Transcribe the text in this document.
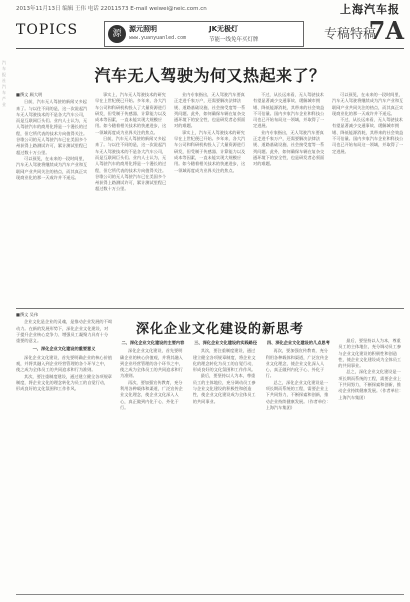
2013年11月13日 编辑 王伟 电话 22011573 E-mail weiwei@neic.com.cn	上海汽车报
TOPICS	源	源元照明
www.yuanyuanled.com
JK无极灯
节能一线免年买灯牌	专稿特稿
7A
汽
车
报
社
汽
车
产
业
汽车无人驾驶为何又热起来了？
■撰文 顾大明

日前，汽车无人驾驶的新闻又多起来了。与以往不同的是，这一次说起汽车无人驾驶技术的不是各大汽车公司，而是互联网巨头们。业内人士认为，无人驾驶汽车的商用化将是一个漫长的过程，但它所代表的技术方向值得关注。谷歌公司的无人驾驶汽车已在美国多个州获得上路测试许可，累计测试里程已超过数十万公里。

可以预见，在未来的一段时间里，汽车无人驾驶将继续成为汽车产业和互联网产业共同关注的热点，而其真正实现商业化的那一天或许并不遥远。

事实上，汽车无人驾驶技术的研究早在上世纪便已开始。多年来，各大汽车公司和科研机构投入了大量资源进行研发，但受制于传感器、计算能力以及成本等因素，一直未能实现大规模应用。如今随着相关技术的快速进步，这一领域再度成为业界关注的焦点。

日前，汽车无人驾驶的新闻又多起来了。与以往不同的是，这一次说起汽车无人驾驶技术的不是各大汽车公司，而是互联网巨头们。业内人士认为，无人驾驶汽车的商用化将是一个漫长的过程，但它所代表的技术方向值得关注。谷歌公司的无人驾驶汽车已在美国多个州获得上路测试许可，累计测试里程已超过数十万公里。

业内专家指出，无人驾驶汽车要真正走进千家万户，还需要解决法律法规、道路基础设施、社会接受度等一系列问题。此外，如何确保车辆在复杂交通环境下的安全性，也是研发者必须面对的难题。

事实上，汽车无人驾驶技术的研究早在上世纪便已开始。多年来，各大汽车公司和科研机构投入了大量资源进行研发，但受制于传感器、计算能力以及成本等因素，一直未能实现大规模应用。如今随着相关技术的快速进步，这一领域再度成为业界关注的焦点。

不过，从长远来看，无人驾驶技术有望显著减少交通事故、缓解城市拥堵、降低能源消耗，其带来的社会效益不可估量。国内多家汽车企业和科技公司也已开始布局这一领域，并取得了一定进展。

业内专家指出，无人驾驶汽车要真正走进千家万户，还需要解决法律法规、道路基础设施、社会接受度等一系列问题。此外，如何确保车辆在复杂交通环境下的安全性，也是研发者必须面对的难题。

可以预见，在未来的一段时间里，汽车无人驾驶将继续成为汽车产业和互联网产业共同关注的热点，而其真正实现商业化的那一天或许并不遥远。

不过，从长远来看，无人驾驶技术有望显著减少交通事故、缓解城市拥堵、降低能源消耗，其带来的社会效益不可估量。国内多家汽车企业和科技公司也已开始布局这一领域，并取得了一定进展。

■撰文 吴伟

企业文化是企业的灵魂，是推动企业发展的不竭动力。在新的发展形势下，深化企业文化建设，对于提升企业核心竞争力、增强员工凝聚力具有十分重要的意义。

一、深化企业文化建设的重要意义

深化企业文化建设，首先要明确企业的核心价值观，并将其融入到企业经营管理的各个环节之中，使之成为全体员工的共同追求和行为准则。

其次，要注重制度建设，通过建立健全各项规章制度，将企业文化的理念转化为员工的自觉行动，形成良好的文化氛围和工作作风。

深化企业文化建设的新思考
二、深化企业文化建设的主要内容

深化企业文化建设，首先要明确企业的核心价值观，并将其融入到企业经营管理的各个环节之中，使之成为全体员工的共同追求和行为准则。

再次，要加强宣传教育，充分利用各种载体和渠道，广泛宣传企业文化理念，使企业文化深入人心，真正做到内化于心、外化于行。

三、深化企业文化建设的实践路径

其次，要注重制度建设，通过建立健全各项规章制度，将企业文化的理念转化为员工的自觉行动，形成良好的文化氛围和工作作风。

最后，要坚持以人为本，尊重员工的主体地位，充分调动员工参与企业文化建设的积极性和创造性，使企业文化建设成为全体员工的共同事业。

四、深化企业文化建设的几点思考

再次，要加强宣传教育，充分利用各种载体和渠道，广泛宣传企业文化理念，使企业文化深入人心，真正做到内化于心、外化于行。

总之，深化企业文化建设是一项长期而系统的工程，需要企业上下共同努力，不断探索和创新，推动企业持续健康发展。（作者单位：上海汽车集团）

最后，要坚持以人为本，尊重员工的主体地位，充分调动员工参与企业文化建设的积极性和创造性，使企业文化建设成为全体员工的共同事业。

总之，深化企业文化建设是一项长期而系统的工程，需要企业上下共同努力，不断探索和创新，推动企业持续健康发展。（作者单位：上海汽车集团）
